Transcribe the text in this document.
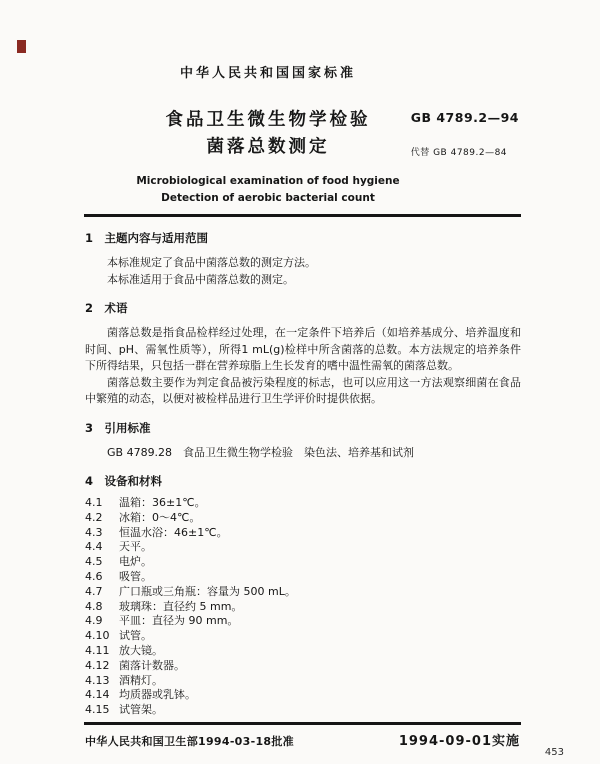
中华人民共和国国家标准
食品卫生微生物学检验
菌落总数测定
Microbiological examination of food hygiene
Detection of aerobic bacterial count
GB 4789.2—94
代替 GB 4789.2—84
1　主题内容与适用范围

本标准规定了食品中菌落总数的测定方法。

本标准适用于食品中菌落总数的测定。

2　术语

菌落总数是指食品检样经过处理，在一定条件下培养后（如培养基成分、培养温度和时间、pH、需氧性质等），所得1 mL(g)检样中所含菌落的总数。本方法规定的培养条件下所得结果，只包括一群在营养琼脂上生长发育的嗜中温性需氧的菌落总数。

菌落总数主要作为判定食品被污染程度的标志，也可以应用这一方法观察细菌在食品中繁殖的动态，以便对被检样品进行卫生学评价时提供依据。

3　引用标准

GB 4789.28　食品卫生微生物学检验　染色法、培养基和试剂

4　设备和材料
4.1	温箱：36±1℃。
4.2	冰箱：0～4℃。
4.3	恒温水浴：46±1℃。
4.4	天平。
4.5	电炉。
4.6	吸管。
4.7	广口瓶或三角瓶：容量为 500 mL。
4.8	玻璃珠：直径约 5 mm。
4.9	平皿：直径为 90 mm。
4.10 试管。
4.11 放大镜。
4.12 菌落计数器。
4.13 酒精灯。
4.14 均质器或乳钵。
4.15 试管架。
中华人民共和国卫生部1994-03-18批准	1994-09-01实施
453
